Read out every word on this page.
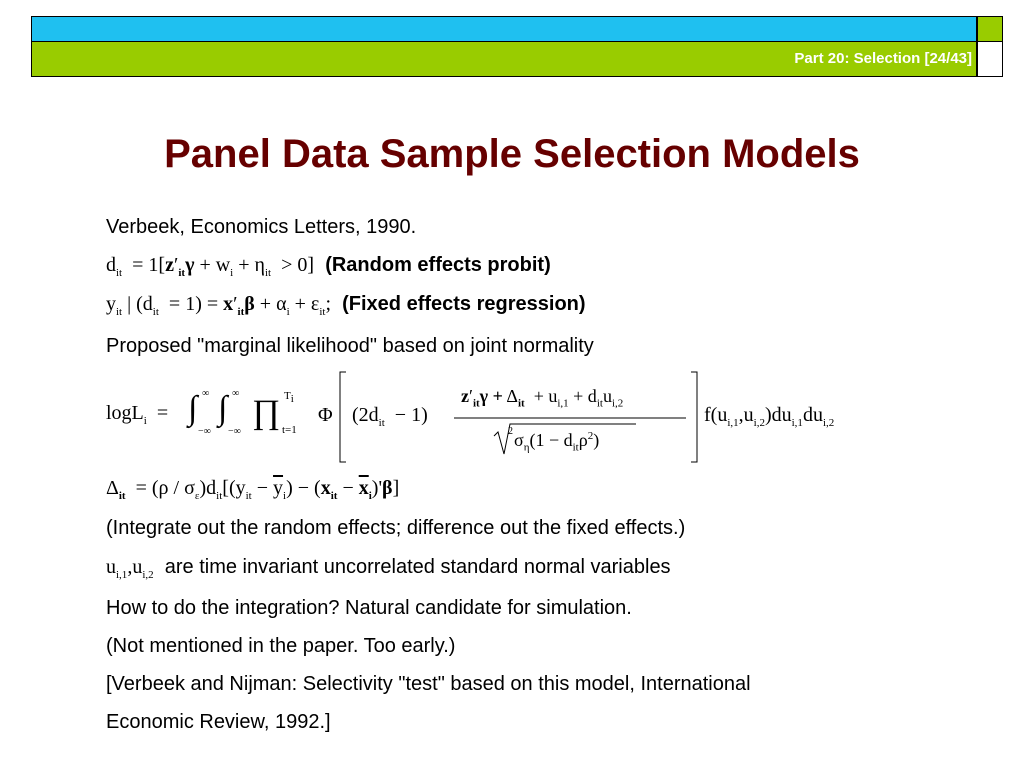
Part 20: Selection [24/43]
Panel Data Sample Selection Models
Verbeek, Economics Letters, 1990.
$d_{it} = 1[z'_{it}\gamma + w_i + \eta_{it} > 0]$ (Random effects probit)
$y_{it}$ | $(d_{it} = 1) = x'_{it}\beta + \alpha_i + \varepsilon_{it}$; (Fixed effects regression)
Proposed "marginal likelihood" based on joint normality
logL$_i$  = ∫ ∞
−∞
∫ ∞
−∞
∏ $T_i$
t=1
Φ $(2d_{it} - 1)$
$z'_{it}\gamma + \Delta_{it} + u_{i,1} + d_{it}u_{i,2}$
$\sigma_\eta(1 - d_{it}\rho^2)$
2
$f(u_{i,1},u_{i,2})du_{i,1}du_{i,2}$
$\Delta_{it} = (\rho / \sigma_\varepsilon)d_{it}[(y_{it} - \overline{y}_i) - (x_{it} - \overline{x}_i)'\beta]$
(Integrate out the random effects; difference out the fixed effects.)
$u_{i,1},u_{i,2}$ are time invariant uncorrelated standard normal variables
How to do the integration? Natural candidate for simulation.
(Not mentioned in the paper. Too early.)
[Verbeek and Nijman: Selectivity "test" based on this model, International
Economic Review, 1992.]
